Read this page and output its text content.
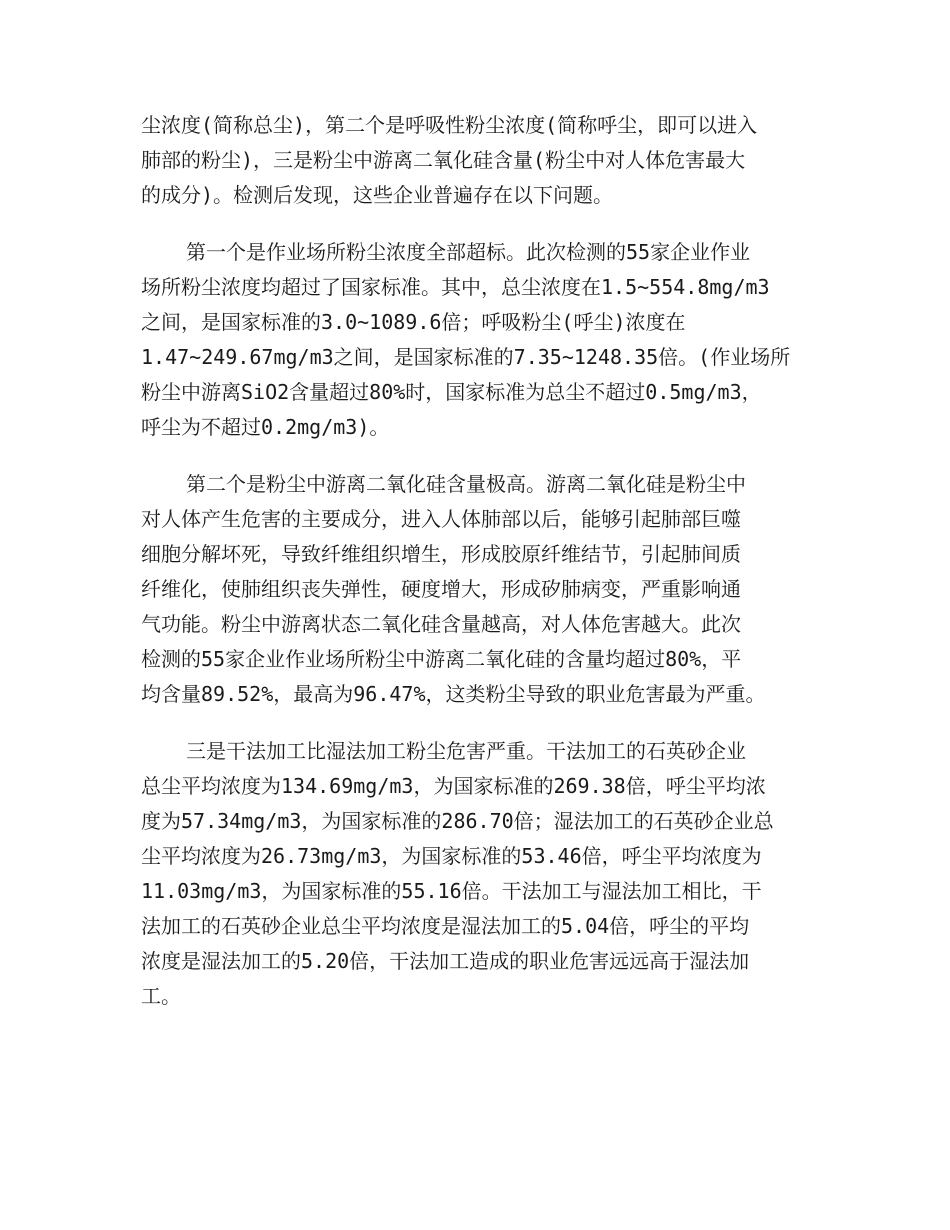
尘浓度(简称总尘)，第二个是呼吸性粉尘浓度(简称呼尘，即可以进入
肺部的粉尘)，三是粉尘中游离二氧化硅含量(粉尘中对人体危害最大
的成分)。检测后发现，这些企业普遍存在以下问题。
第一个是作业场所粉尘浓度全部超标。此次检测的55家企业作业
场所粉尘浓度均超过了国家标准。其中，总尘浓度在1.5~554.8mg/m3
之间，是国家标准的3.0~1089.6倍；呼吸粉尘(呼尘)浓度在
1.47~249.67mg/m3之间，是国家标准的7.35~1248.35倍。(作业场所
粉尘中游离SiO2含量超过80%时，国家标准为总尘不超过0.5mg/m3，
呼尘为不超过0.2mg/m3)。
第二个是粉尘中游离二氧化硅含量极高。游离二氧化硅是粉尘中
对人体产生危害的主要成分，进入人体肺部以后，能够引起肺部巨噬
细胞分解坏死，导致纤维组织增生，形成胶原纤维结节，引起肺间质
纤维化，使肺组织丧失弹性，硬度增大，形成矽肺病变，严重影响通
气功能。粉尘中游离状态二氧化硅含量越高，对人体危害越大。此次
检测的55家企业作业场所粉尘中游离二氧化硅的含量均超过80%，平
均含量89.52%，最高为96.47%，这类粉尘导致的职业危害最为严重。
三是干法加工比湿法加工粉尘危害严重。干法加工的石英砂企业
总尘平均浓度为134.69mg/m3，为国家标准的269.38倍，呼尘平均浓
度为57.34mg/m3，为国家标准的286.70倍；湿法加工的石英砂企业总
尘平均浓度为26.73mg/m3，为国家标准的53.46倍，呼尘平均浓度为
11.03mg/m3，为国家标准的55.16倍。干法加工与湿法加工相比，干
法加工的石英砂企业总尘平均浓度是湿法加工的5.04倍，呼尘的平均
浓度是湿法加工的5.20倍，干法加工造成的职业危害远远高于湿法加
工。
